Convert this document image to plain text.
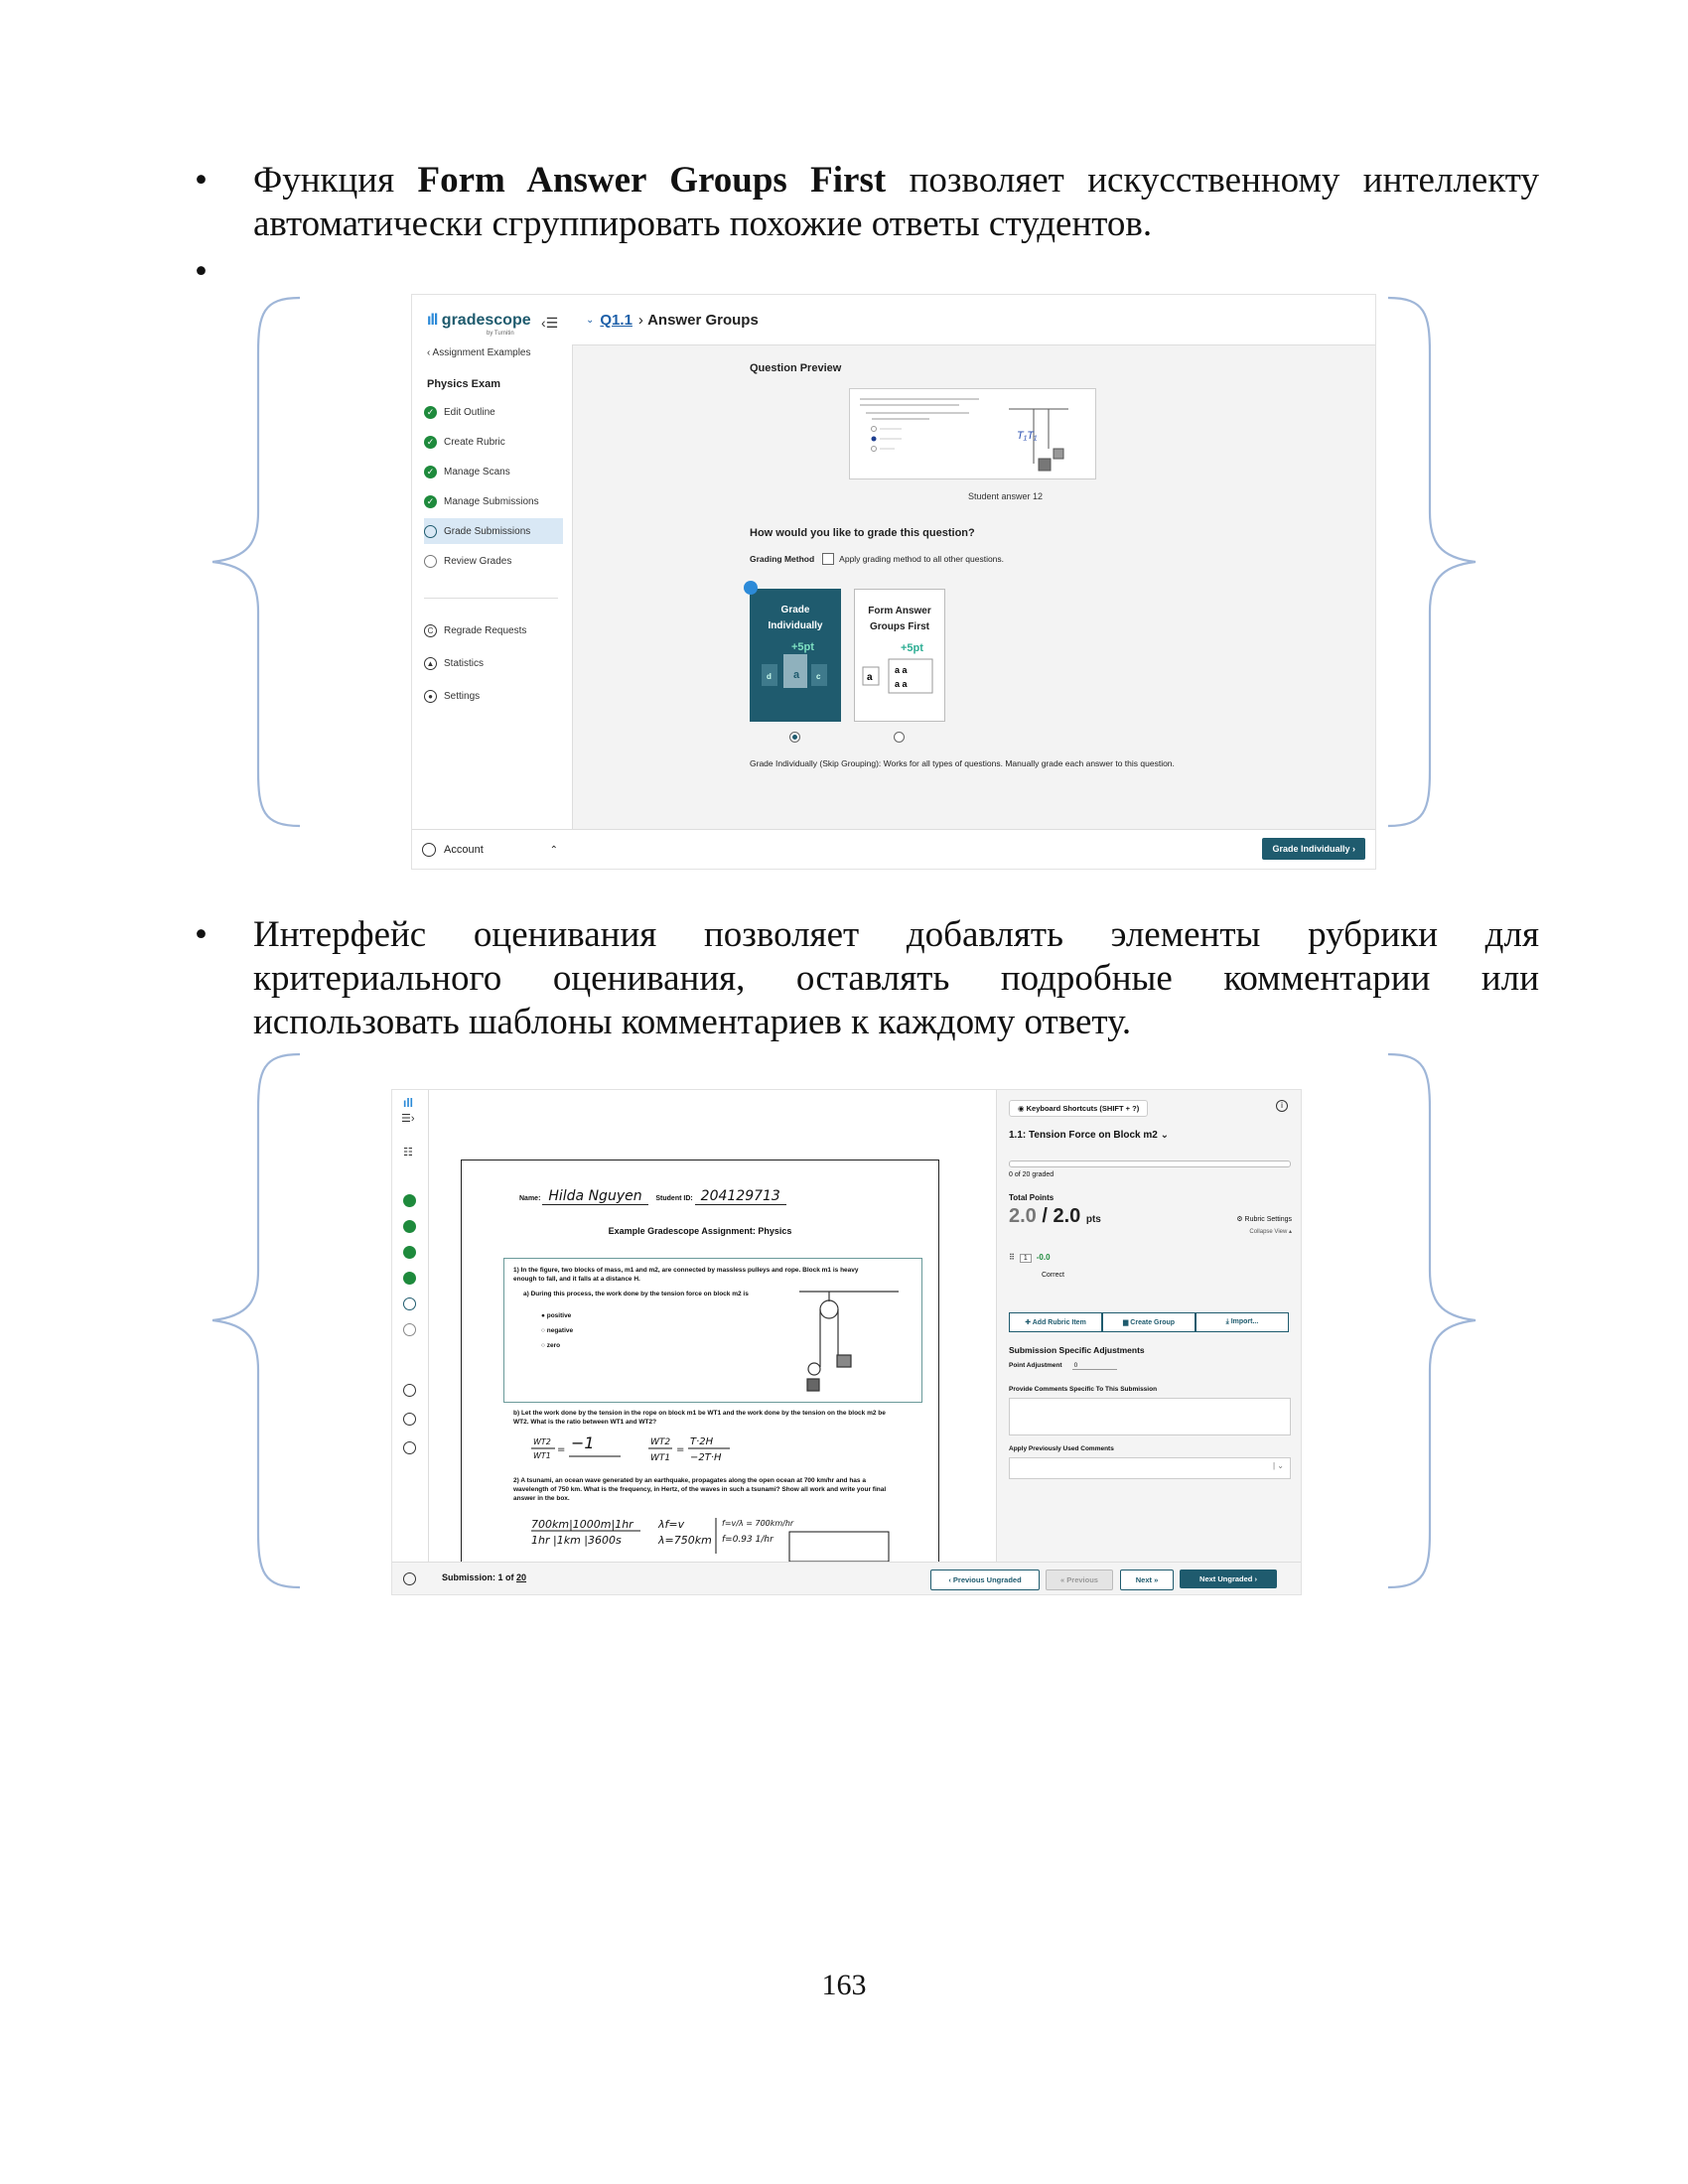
• Функция Form Answer Groups First позволяет искусственному интеллекту автоматически сгруппировать похожие ответы студентов.
•
ıll gradescope
by Turnitin
‹☰
‹ Assignment Examples
Physics Exam
✓ Edit Outline
✓ Create Rubric
✓ Manage Scans
✓ Manage Submissions
Grade Submissions
Review Grades
C	Regrade Requests
▲ Statistics
●	Settings
Account	⌃
⌄ Q1.1 › Answer Groups
Question Preview
T₁T₁
Student answer 12
How would you like to grade this question?
Grading Method	Apply grading method to all other questions.
Grade Individually
a
d	c
+5pt
Form Answer Groups First
a
a a
a a
+5pt
Grade Individually (Skip Grouping): Works for all types of questions. Manually grade each answer to this question.
Grade Individually ›
• Интерфейс оценивания позволяет добавлять элементы рубрики для критериального оценивания, оставлять подробные комментарии или использовать шаблоны комментариев к каждому ответу.
ıll
☰›
☷
Name: Hilda Nguyen Student ID: 204129713
Example Gradescope Assignment: Physics
1) In the figure, two blocks of mass, m1 and m2, are connected by massless pulleys and rope. Block m1 is heavy enough to fall, and it falls at a distance H.
a) During this process, the work done by the tension force on block m2 is
● positive
○ negative
○ zero
b) Let the work done by the tension in the rope on block m1 be WT1 and the work done by the tension on the block m2 be WT2. What is the ratio between WT1 and WT2?
WT2
WT1
= −1	WT2
WT1
=
T·2H
−2T·H
2) A tsunami, an ocean wave generated by an earthquake, propagates along the open ocean at 700 km/hr and has a wavelength of 750 km. What is the frequency, in Hertz, of the waves in such a tsunami? Show all work and write your final answer in the box.
700km|1000m|1hr
1hr |1km |3600s
λf=v
λ=750km
f=v/λ = 700km/hr
f=0.93 1/hr
◉ Keyboard Shortcuts (SHIFT + ?)	i
1.1: Tension Force on Block m2 ⌄
0 of 20 graded
Total Points
2.0 / 2.0 pts	⚙ Rubric Settings
Collapse View ▴
⠿ 1 -0.0
Correct
✚ Add Rubric Item	▆ Create Group	⤓ Import...
Submission Specific Adjustments
Point Adjustment 0
Provide Comments Specific To This Submission
Apply Previously Used Comments
| ⌄
Submission: 1 of 20	‹ Previous Ungraded	« Previous	Next »	Next Ungraded ›
163
